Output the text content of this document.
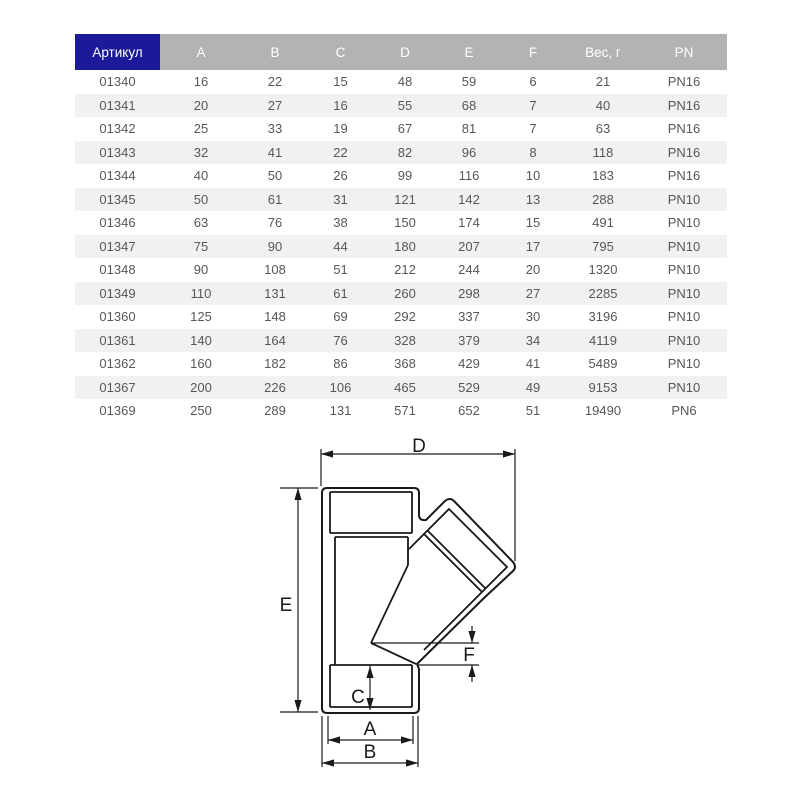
Артикул	A	B	C	D	E	F	Вес, г	PN
01340	16	22	15	48	59	6	21	PN16
01341	20	27	16	55	68	7	40	PN16
01342	25	33	19	67	81	7	63	PN16
01343	32	41	22	82	96	8	118	PN16
01344	40	50	26	99	116	10	183	PN16
01345	50	61	31	121	142	13	288	PN10
01346	63	76	38	150	174	15	491	PN10
01347	75	90	44	180	207	17	795	PN10
01348	90	108	51	212	244	20	1320	PN10
01349	110	131	61	260	298	27	2285	PN10
01360	125	148	69	292	337	30	3196	PN10
01361	140	164	76	328	379	34	4119	PN10
01362	160	182	86	368	429	41	5489	PN10
01367	200	226	106	465	529	49	9153	PN10
01369	250	289	131	571	652	51	19490	PN6
D
E
C
A
B
F
